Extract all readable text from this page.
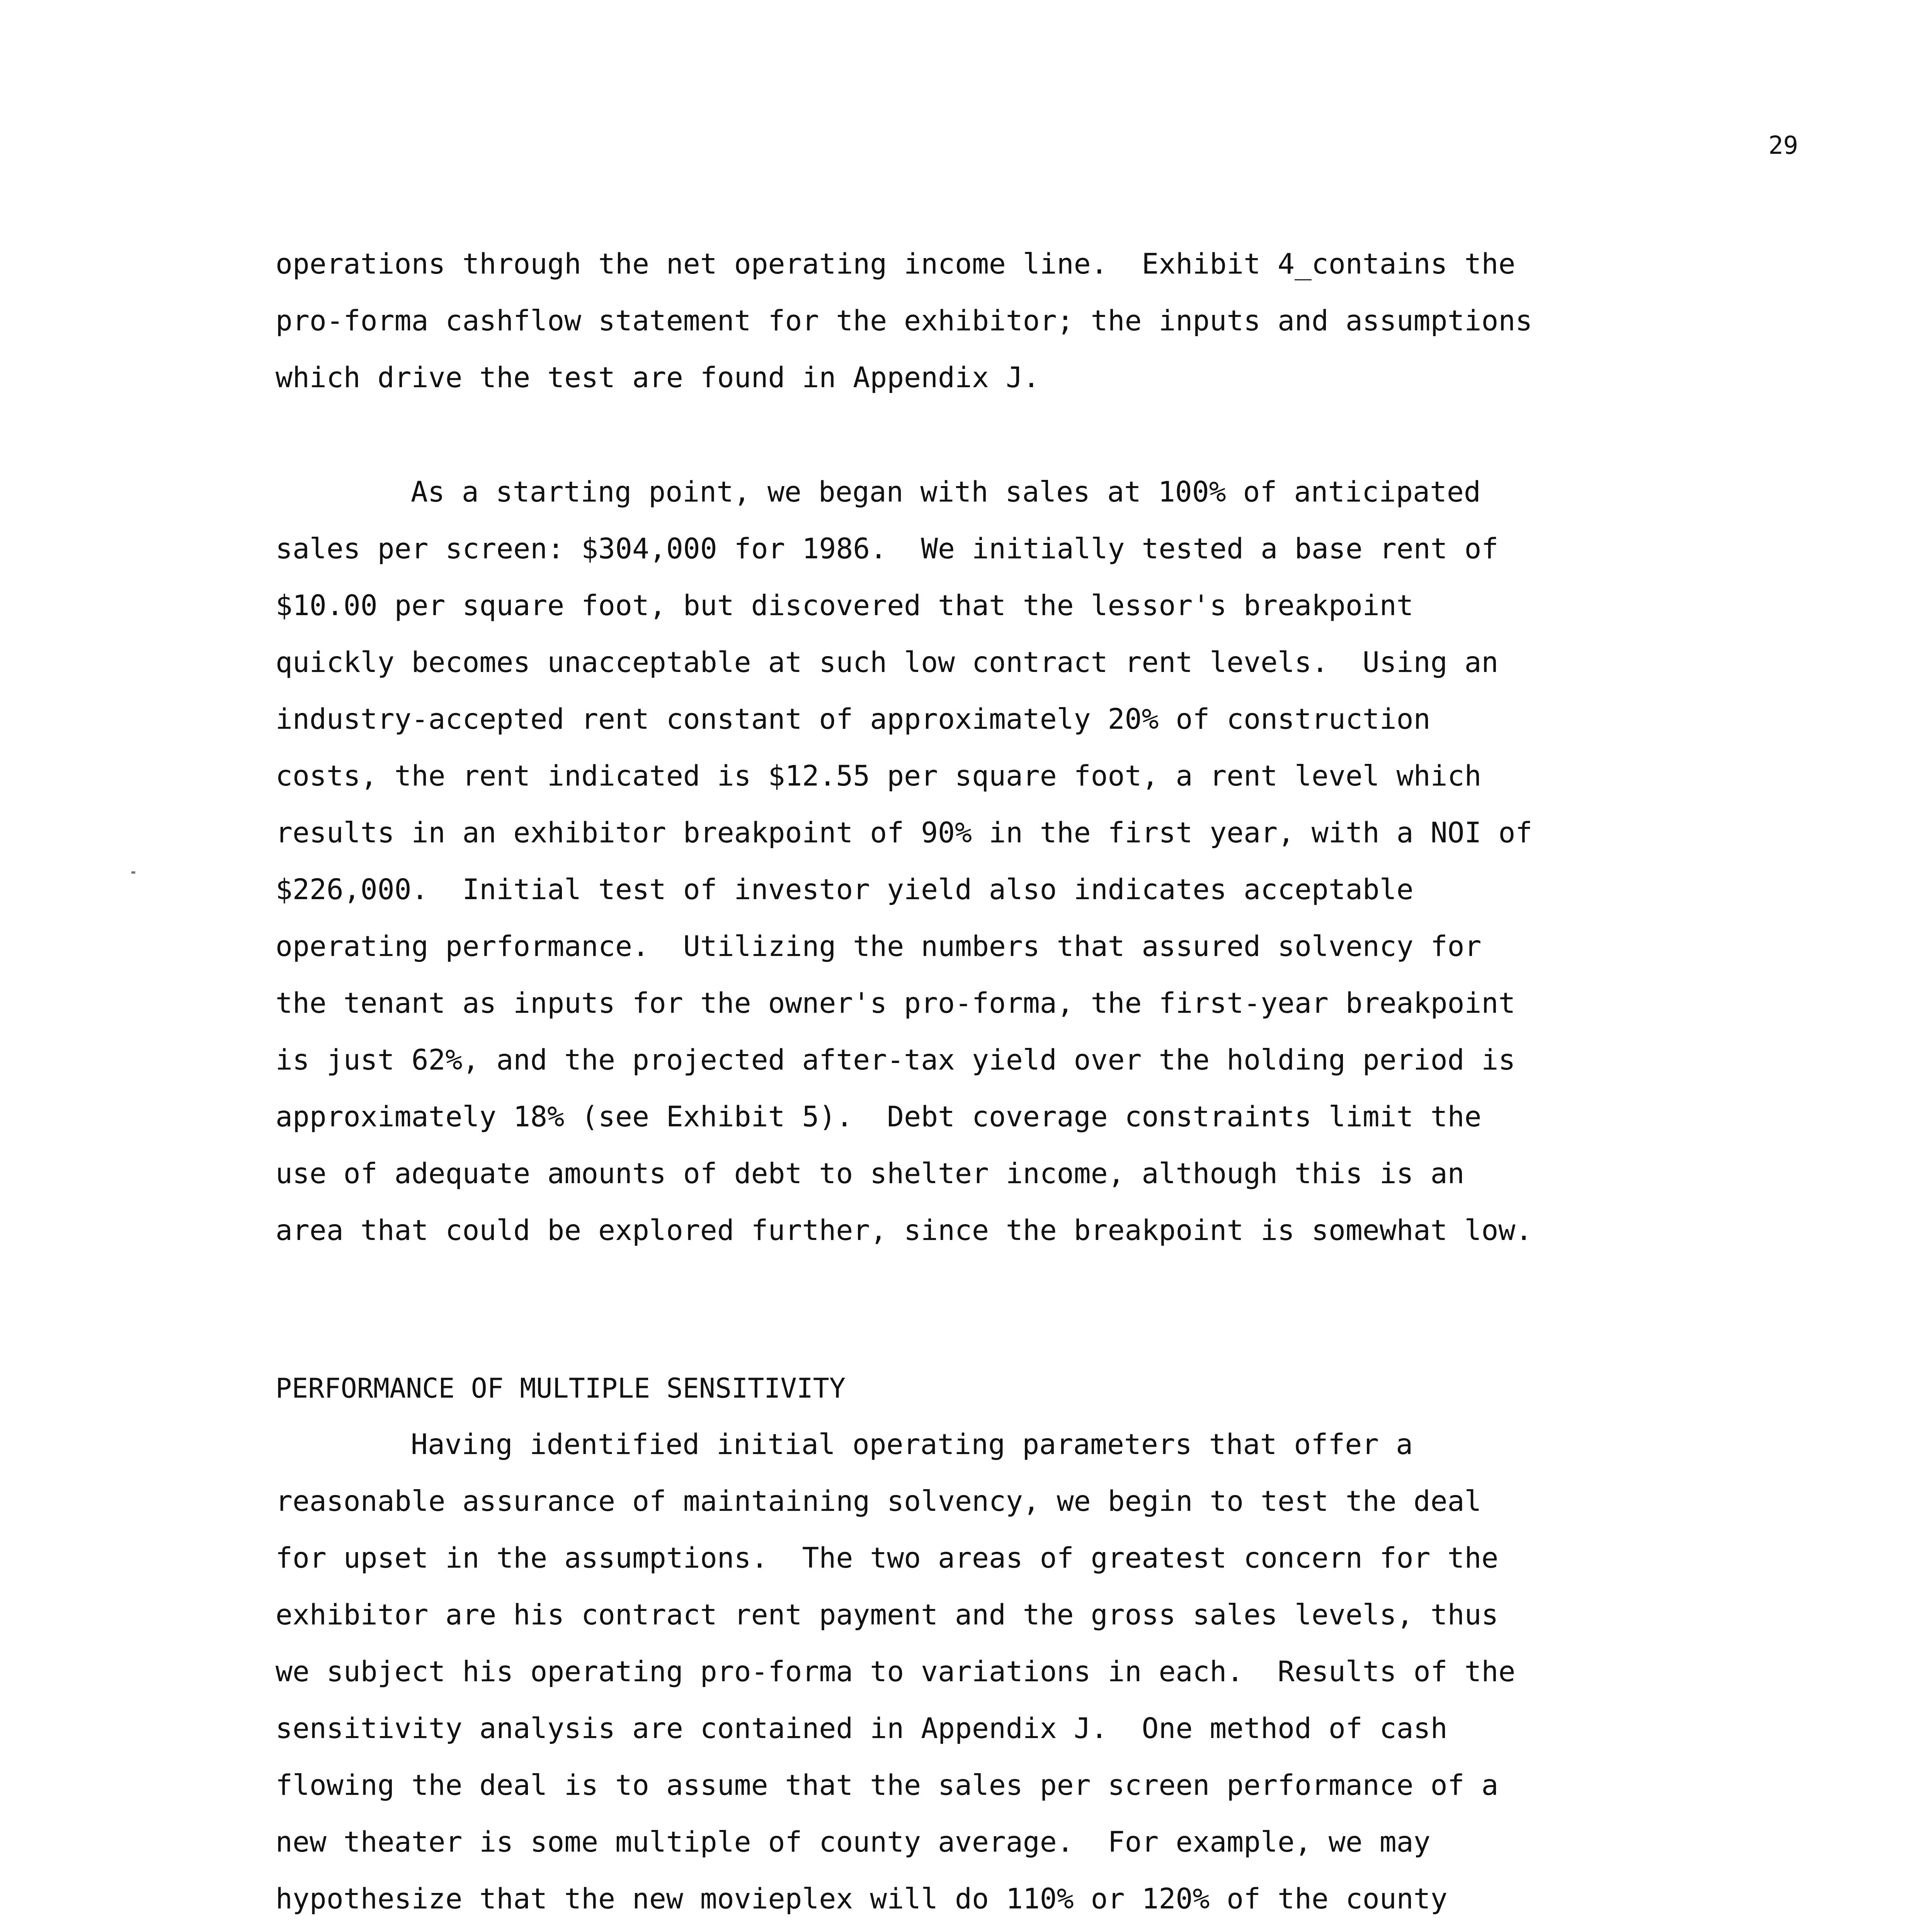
29
operations through the net operating income line.  Exhibit 4_contains the
pro-forma cashflow statement for the exhibitor; the inputs and assumptions
which drive the test are found in Appendix J.
As a starting point, we began with sales at 100% of anticipated
sales per screen: $304,000 for 1986.  We initially tested a base rent of
$10.00 per square foot, but discovered that the lessor's breakpoint
quickly becomes unacceptable at such low contract rent levels.  Using an
industry-accepted rent constant of approximately 20% of construction
costs, the rent indicated is $12.55 per square foot, a rent level which
results in an exhibitor breakpoint of 90% in the first year, with a NOI of
$226,000.  Initial test of investor yield also indicates acceptable
operating performance.  Utilizing the numbers that assured solvency for
the tenant as inputs for the owner's pro-forma, the first-year breakpoint
is just 62%, and the projected after-tax yield over the holding period is
approximately 18% (see Exhibit 5).  Debt coverage constraints limit the
use of adequate amounts of debt to shelter income, although this is an
area that could be explored further, since the breakpoint is somewhat low.
PERFORMANCE OF MULTIPLE SENSITIVITY
Having identified initial operating parameters that offer a
reasonable assurance of maintaining solvency, we begin to test the deal
for upset in the assumptions.  The two areas of greatest concern for the
exhibitor are his contract rent payment and the gross sales levels, thus
we subject his operating pro-forma to variations in each.  Results of the
sensitivity analysis are contained in Appendix J.  One method of cash
flowing the deal is to assume that the sales per screen performance of a
new theater is some multiple of county average.  For example, we may
hypothesize that the new movieplex will do 110% or 120% of the county
